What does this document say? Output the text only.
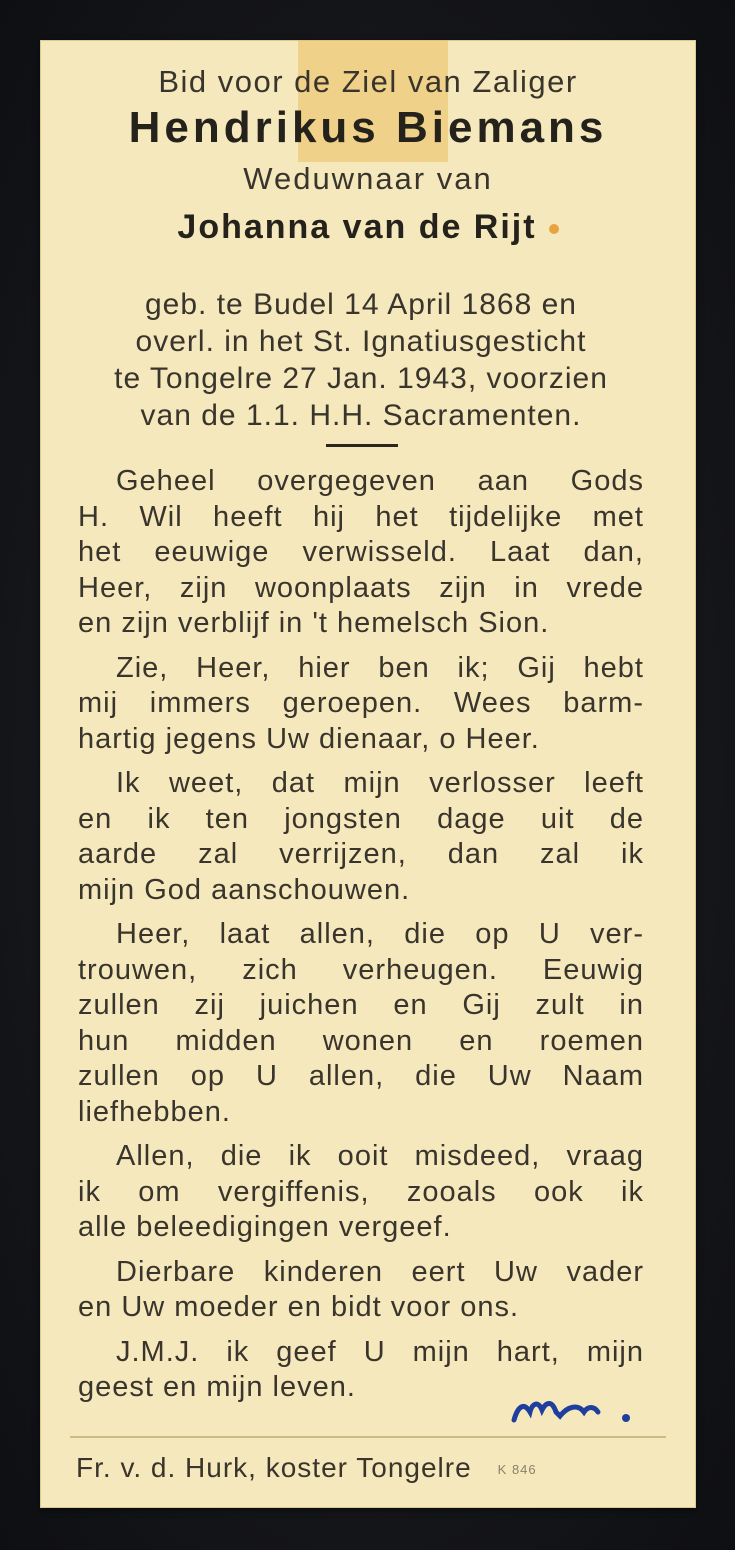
Bid voor de Ziel van Zaliger
Hendrikus Biemans
Weduwnaar van
Johanna van de Rijt
geb. te Budel 14 April 1868 en
overl. in het St. Ignatiusgesticht
te Tongelre 27 Jan. 1943, voorzien
van de 1.1. H.H. Sacramenten.
Geheel overgegeven aan Gods
H. Wil heeft hij het tijdelijke met
het eeuwige verwisseld. Laat dan,
Heer, zijn woonplaats zijn in vrede
en zijn verblijf in 't hemelsch Sion.
Zie, Heer, hier ben ik; Gij hebt
mij immers geroepen. Wees barm-
hartig jegens Uw dienaar, o Heer.
Ik weet, dat mijn verlosser leeft
en ik ten jongsten dage uit de
aarde zal verrijzen, dan zal ik
mijn God aanschouwen.
Heer, laat allen, die op U ver-
trouwen, zich verheugen. Eeuwig
zullen zij juichen en Gij zult in
hun midden wonen en roemen
zullen op U allen, die Uw Naam
liefhebben.
Allen, die ik ooit misdeed, vraag
ik om vergiffenis, zooals ook ik
alle beleedigingen vergeef.
Dierbare kinderen eert Uw vader
en Uw moeder en bidt voor ons.
J.M.J. ik geef U mijn hart, mijn
geest en mijn leven.
Fr. v. d. Hurk, koster Tongelre K 846
